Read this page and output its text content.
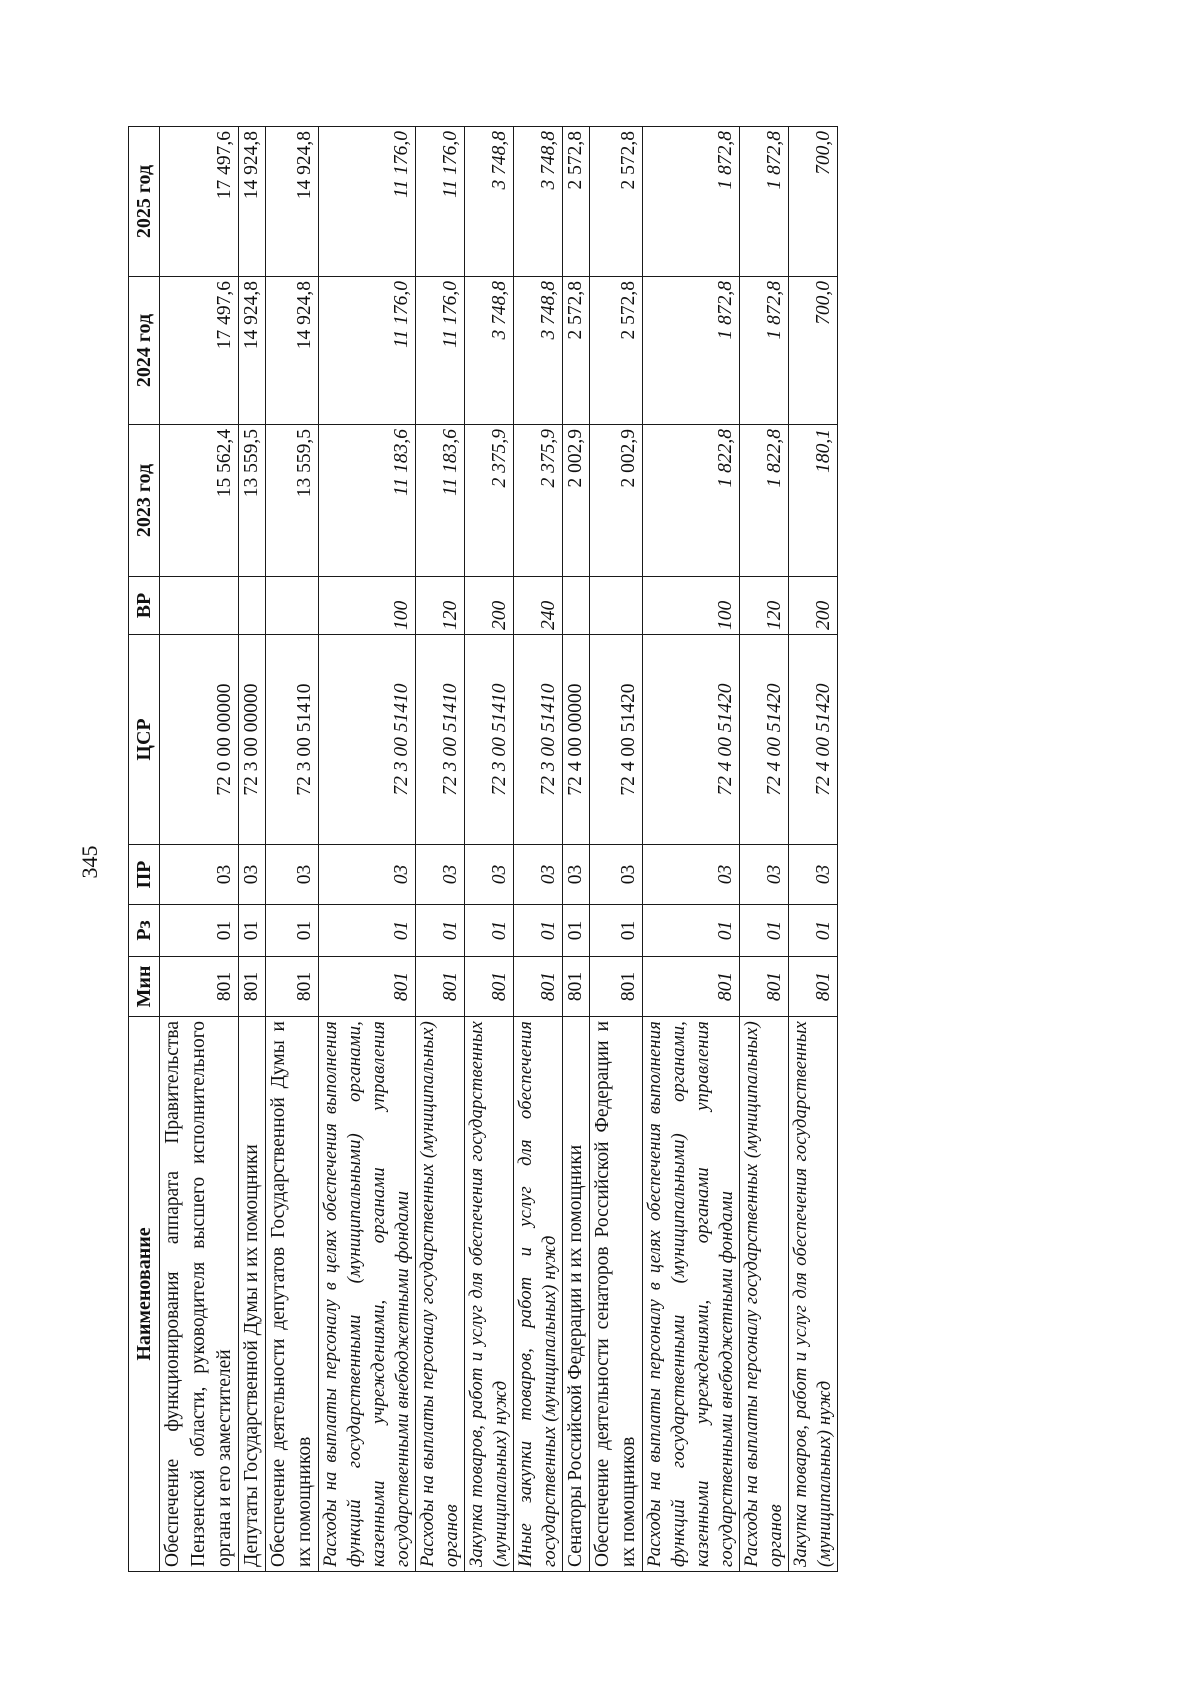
345
Наименование	Мин	Рз	ПР	ЦСР	ВР	2023 год	2024 год	2025 год
Обеспечение функционирования аппарата Правительства Пензенской области, руководителя высшего исполнительного органа и его заместителей	801	01	03	72 0 00 00000		15 562,4	17 497,6	17 497,6
Депутаты Государственной Думы и их помощники	801	01	03	72 3 00 00000		13 559,5	14 924,8	14 924,8
Обеспечение деятельности депутатов Государственной Думы и их помощников	801	01	03	72 3 00 51410		13 559,5	14 924,8	14 924,8
Расходы на выплаты персоналу в целях обеспечения выполнения функций государственными (муниципальными) органами, казенными учреждениями, органами управления государственными внебюджетными фондами	801	01	03	72 3 00 51410	100	11 183,6	11 176,0	11 176,0
Расходы на выплаты персоналу государственных (муниципальных) органов	801	01	03	72 3 00 51410	120	11 183,6	11 176,0	11 176,0
Закупка товаров, работ и услуг для обеспечения государственных (муниципальных) нужд	801	01	03	72 3 00 51410	200	2 375,9	3 748,8	3 748,8
Иные закупки товаров, работ и услуг для обеспечения государственных (муниципальных) нужд	801	01	03	72 3 00 51410	240	2 375,9	3 748,8	3 748,8
Сенаторы Российской Федерации и их помощники	801	01	03	72 4 00 00000		2 002,9	2 572,8	2 572,8
Обеспечение деятельности сенаторов Российской Федерации и их помощников	801	01	03	72 4 00 51420		2 002,9	2 572,8	2 572,8
Расходы на выплаты персоналу в целях обеспечения выполнения функций государственными (муниципальными) органами, казенными учреждениями, органами управления государственными внебюджетными фондами	801	01	03	72 4 00 51420	100	1 822,8	1 872,8	1 872,8
Расходы на выплаты персоналу государственных (муниципальных) органов	801	01	03	72 4 00 51420	120	1 822,8	1 872,8	1 872,8
Закупка товаров, работ и услуг для обеспечения государственных (муниципальных) нужд	801	01	03	72 4 00 51420	200	180,1	700,0	700,0
